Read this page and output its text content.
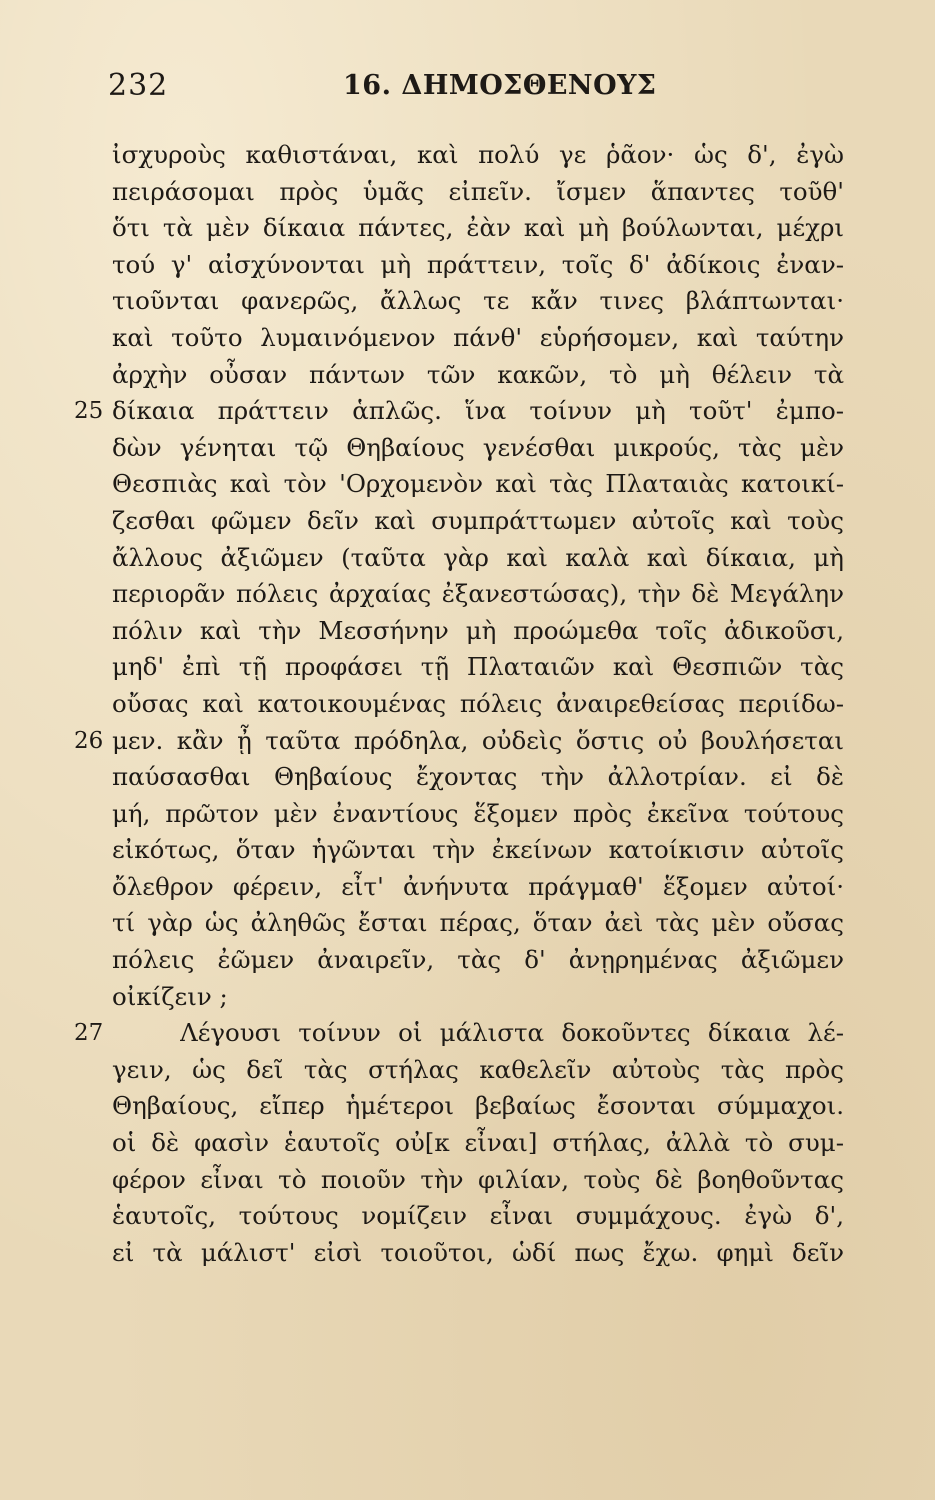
232	16. ΔΗΜΟΣΘΕΝΟΥΣ
ἰσχυροὺς καθιστάναι, καὶ πολύ γε ῥᾶον· ὡς δ', ἐγὼ
πειράσομαι πρὸς ὑμᾶς εἰπεῖν. ἴσμεν ἅπαντες τοῦθ'
ὅτι τὰ μὲν δίκαια πάντες, ἐὰν καὶ μὴ βούλωνται, μέχρι
τού γ' αἰσχύνονται μὴ πράττειν, τοῖς δ' ἀδίκοις ἐναν-
τιοῦνται φανερῶς, ἄλλως τε κἄν τινες βλάπτωνται·
καὶ τοῦτο λυμαινόμενον πάνθ' εὑρήσομεν, καὶ ταύτην
ἀρχὴν οὖσαν πάντων τῶν κακῶν, τὸ μὴ θέλειν τὰ
25 δίκαια πράττειν ἁπλῶς. ἵνα τοίνυν μὴ τοῦτ' ἐμπο-
δὼν γένηται τῷ Θηβαίους γενέσθαι μικρούς, τὰς μὲν
Θεσπιὰς καὶ τὸν 'Ορχομενὸν καὶ τὰς Πλαταιὰς κατοικί-
ζεσθαι φῶμεν δεῖν καὶ συμπράττωμεν αὐτοῖς καὶ τοὺς
ἄλλους ἀξιῶμεν (ταῦτα γὰρ καὶ καλὰ καὶ δίκαια, μὴ
περιορᾶν πόλεις ἀρχαίας ἐξανεστώσας), τὴν δὲ Μεγάλην
πόλιν καὶ τὴν Μεσσήνην μὴ προώμεθα τοῖς ἀδικοῦσι,
μηδ' ἐπὶ τῇ προφάσει τῇ Πλαταιῶν καὶ Θεσπιῶν τὰς
οὔσας καὶ κατοικουμένας πόλεις ἀναιρεθείσας περιίδω-
26 μεν. κἂν ᾖ ταῦτα πρόδηλα, οὐδεὶς ὅστις οὐ βουλήσεται
παύσασθαι Θηβαίους ἔχοντας τὴν ἀλλοτρίαν. εἰ δὲ
μή, πρῶτον μὲν ἐναντίους ἕξομεν πρὸς ἐκεῖνα τούτους
εἰκότως, ὅταν ἡγῶνται τὴν ἐκείνων κατοίκισιν αὐτοῖς
ὄλεθρον φέρειν, εἶτ' ἀνήνυτα πράγμαθ' ἕξομεν αὐτοί·
τί γὰρ ὡς ἀληθῶς ἔσται πέρας, ὅταν ἀεὶ τὰς μὲν οὔσας
πόλεις ἐῶμεν ἀναιρεῖν, τὰς δ' ἀνῃρημένας ἀξιῶμεν
οἰκίζειν ;
27	Λέγουσι τοίνυν οἱ μάλιστα δοκοῦντες δίκαια λέ-
γειν, ὡς δεῖ τὰς στήλας καθελεῖν αὐτοὺς τὰς πρὸς
Θηβαίους, εἴπερ ἡμέτεροι βεβαίως ἔσονται σύμμαχοι.
οἱ δὲ φασὶν ἑαυτοῖς οὐ[κ εἶναι] στήλας, ἀλλὰ τὸ συμ-
φέρον εἶναι τὸ ποιοῦν τὴν φιλίαν, τοὺς δὲ βοηθοῦντας
ἑαυτοῖς, τούτους νομίζειν εἶναι συμμάχους. ἐγὼ δ',
εἰ τὰ μάλιστ' εἰσὶ τοιοῦτοι, ὡδί πως ἔχω. φημὶ δεῖν
